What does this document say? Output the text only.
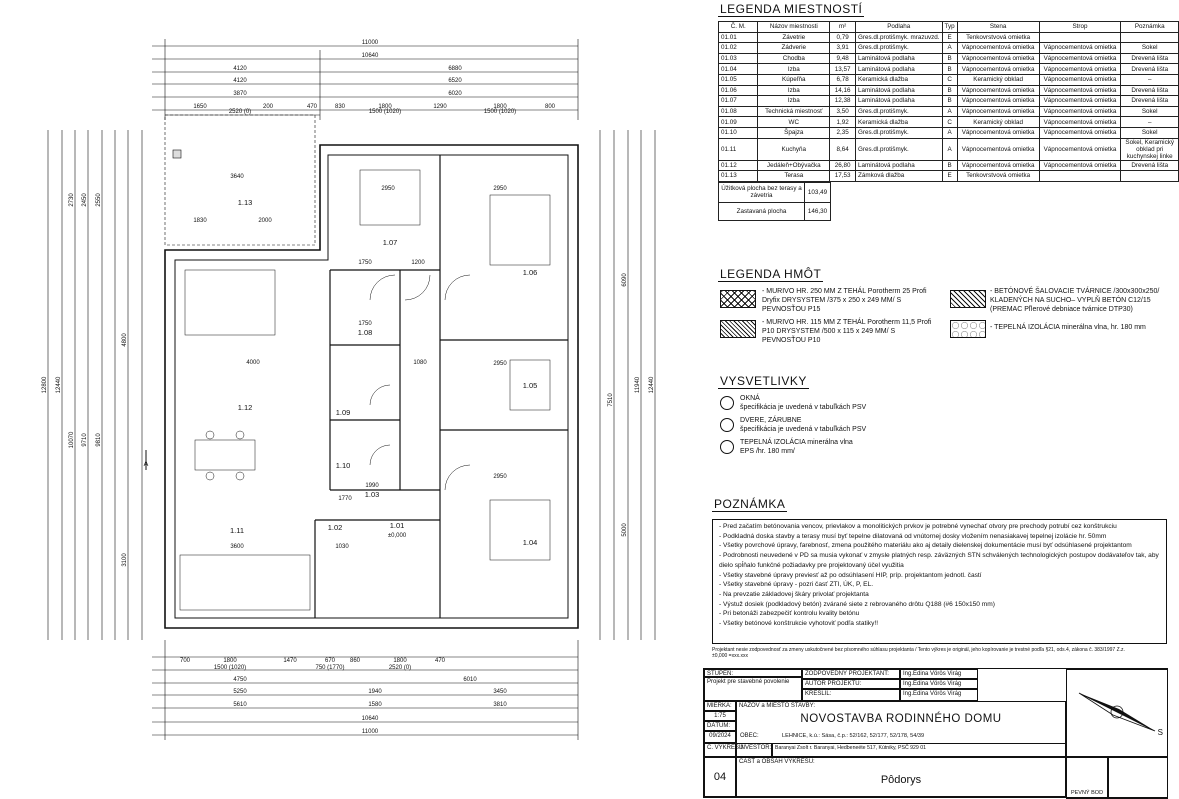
11000
10640
4120	6880
4120	6520
3870	6020
1650	200	470	830	1800	1290	1800	800
2520 (0)	1500 (1020)	1500 (1020)
700	1800	1470	670 860	1800	470
1500 (1020)	750 (1770)	2520 (0)
4750	6010
5250	1940	3450
5610	1580	3810
10640
11000
12800 12440
10070 9710 9810
2730 2450 2550
4800
3100
12440
11940
6090
7510
5000
1.13
1.07
1.06
1.12
1.08
1.09
1.05
1.04
1.03
1.11
1.10
1.02	1.01
3640
1830	2000
2950
1750	1200
2950
4000
1750
1080	2950
2950
1990
3600	1030
1770
±0,000
A
LEGENDA MIESTNOSTÍ
Č. M.	Názov miestnosti	m²	Podlaha	Typ	Stena	Strop	Poznámka
01.01	Závetrie	0,79	Gres.dl.protišmyk. mrazuvzd.	E	Tenkovrstvová omietka		
01.02	Zádverie	3,91	Gres.dl.protišmyk.	A	Vápnocementová omietka	Vápnocementová omietka	Sokel
01.03	Chodba	9,48	Laminátová podlaha	B	Vápnocementová omietka	Vápnocementová omietka	Drevená lišta
01.04	Izba	13,57	Laminátová podlaha	B	Vápnocementová omietka	Vápnocementová omietka	Drevená lišta
01.05	Kúpeľňa	6,78	Keramická dlažba	C	Keramický obklad	Vápnocementová omietka	–
01.06	Izba	14,16	Laminátová podlaha	B	Vápnocementová omietka	Vápnocementová omietka	Drevená lišta
01.07	Izba	12,38	Laminátová podlaha	B	Vápnocementová omietka	Vápnocementová omietka	Drevená lišta
01.08	Technická miestnosť	3,50	Gres.dl.protišmyk.	A	Vápnocementová omietka	Vápnocementová omietka	Sokel
01.09	WC	1,92	Keramická dlažba	C	Keramický obklad	Vápnocementová omietka	–
01.10	Špajza	2,35	Gres.dl.protišmyk.	A	Vápnocementová omietka	Vápnocementová omietka	Sokel
01.11	Kuchyňa	8,64	Gres.dl.protišmyk.	A	Vápnocementová omietka	Vápnocementová omietka	Sokel, Keramický obklad pri kuchynskej linke
01.12	Jedáleň+Obývačka	26,80	Laminátová podlaha	B	Vápnocementová omietka	Vápnocementová omietka	Drevená lišta
01.13	Terasa	17,53	Zámková dlažba	E	Tenkovrstvová omietka		
Úžitková plocha bez terasy a závetria	103,49
Zastavaná plocha	146,30
LEGENDA HMÔT
- MURIVO HR. 250 MM Z TEHÁL Porotherm 25 Profi Dryfix DRYSYSTEM /375 x 250 x 249 MM/ S PEVNOSŤOU P15
- BETÓNOVÉ ŠALOVACIE TVÁRNICE /300x300x250/ KLADENÝCH NA SUCHO– VYPLŇ BETÓN C12/15 (PREMAC Pľlerové debniace tvárnice DTP30)
- MURIVO HR. 115 MM Z TEHÁL Porotherm 11,5 Profi P10 DRYSYSTEM /500 x 115 x 249 MM/ S PEVNOSŤOU P10
- TEPELNÁ IZOLÁCIA minerálna vlna, hr. 180 mm
VYSVETLIVKY
OKNÁ
špecifikácia je uvedená v tabuľkách PSV
DVERE, ZÁRUBNE
špecifikácia je uvedená v tabuľkách PSV
TEPELNÁ IZOLÁCIA minerálna vlna
EPS /hr. 180 mm/
POZNÁMKA
- Pred začatím betónovania vencov, prievlakov a monolitických prvkov je potrebné vynechať otvory pre prechody potrubí cez konštrukciu
- Podkladná doska stavby a terasy musí byť tepelne dilatovaná od vnútornej dosky vložením nenasiakavej tepelnej izolácie hr. 50mm
- Všetky povrchové úpravy, farebnosť, zmena použitého materiálu ako aj detaily dielenskej dokumentácie musí byť odsúhlasené projektantom
- Podrobnosti neuvedené v PD sa musia vykonať v zmysle platných resp. záväzných STN schválených technologických postupov dodávateľov tak, aby dielo spĺňalo funkčné požiadavky pre projektovaný účel využitia
- Všetky stavebné úpravy previesť až po odsúhlasení HIP, príp. projektantom jednotl. častí
- Všetky stavebné úpravy - pozri časť ZTI, ÚK, P, EL.
- Na prevzatie základovej škáry privolať projektanta
- Výstuž dosiek (podkladový betón) zvárané siete z rebrovaného drôtu Q188 (#6 150x150 mm)
- Pri betonáži zabezpečiť kontrolu kvality betónu
- Všetky betónové konštrukcie vyhotoviť podľa statiky!!
Projektant nesie zodpovednosť za zmeny uskutočnené bez písomného súhlasu projektanta / Tento výkres je originál, jeho kopírovanie je trestné podľa §21, ods.4, zákona č. 383/1997 Z.z.
±0,000 =xxx.xxx
STUPEŇ:
Projekt pre stavebné povolenie
ZODPOVEDNÝ PROJEKTANT:	Ing.Edina Vörös Virág
AUTOR PROJEKTU:	Ing.Edina Vörös Virág
KRESLIL:	Ing.Edina Vörös Virág
MIERKA:
1:75
DÁTUM:
09/2024
NÁZOV a MIESTO STAVBY:
NOVOSTAVBA RODINNÉHO DOMU
OBEC:	LEHNICE, k.ú.: Sása, č.p.: 52/162, 52/177, 52/178, 54/39
Č. VÝKRESU:
INVESTOR: Baranyai Zsolt r. Baranyai, Hedbeneéte 517, Kútniky, PSČ 929 01
ČASŤ a OBSAH VÝKRESU:
04	Pôdorys
S
PEVNÝ BOD
